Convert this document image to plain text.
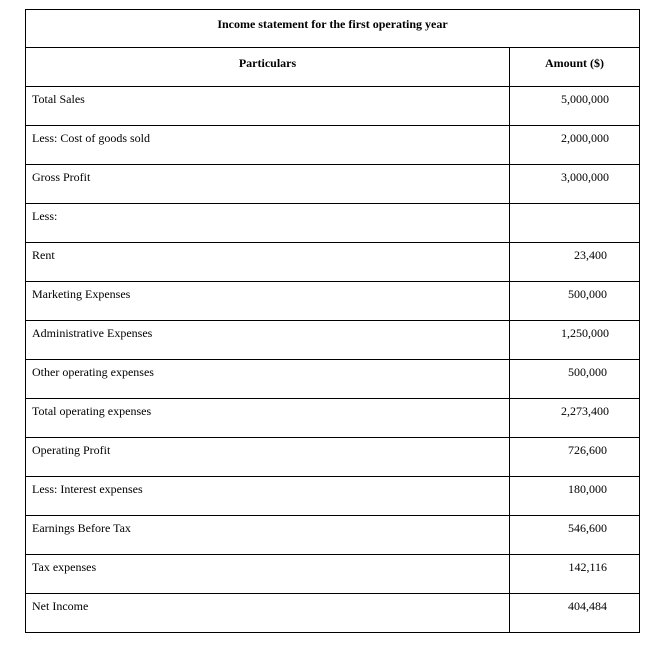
Income statement for the first operating year	
Particulars	Amount ($)
Total Sales	5,000,000
Less: Cost of goods sold	2,000,000
Gross Profit	3,000,000
Less:	
Rent	23,400
Marketing Expenses	500,000
Administrative Expenses	1,250,000
Other operating expenses	500,000
Total operating expenses	2,273,400
Operating Profit	726,600
Less: Interest expenses	180,000
Earnings Before Tax	546,600
Tax expenses	142,116
Net Income	404,484
